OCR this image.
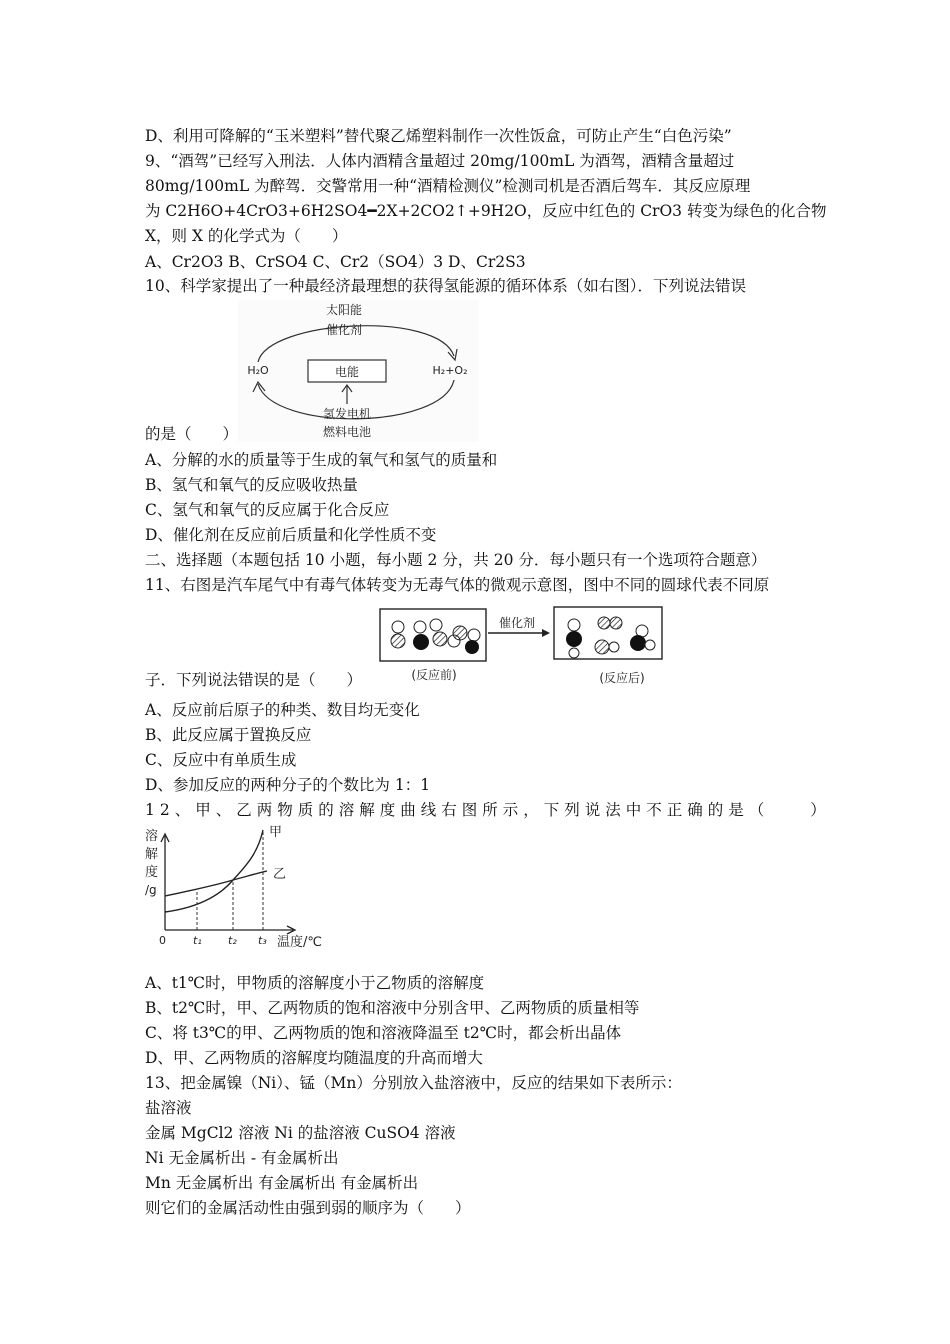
D、利用可降解的“玉米塑料”替代聚乙烯塑料制作一次性饭盒，可防止产生“白色污染”
9、“酒驾”已经写入刑法．人体内酒精含量超过 20mg/100mL 为酒驾，酒精含量超过
80mg/100mL 为醉驾．交警常用一种“酒精检测仪”检测司机是否酒后驾车．其反应原理
为 C2H6O+4CrO3+6H2SO4━2X+2CO2↑+9H2O，反应中红色的 CrO3 转变为绿色的化合物
X，则 X 的化学式为（　　）
A、Cr2O3 B、CrSO4 C、Cr2（SO4）3 D、Cr2S3
10、科学家提出了一种最经济最理想的获得氢能源的循环体系（如右图）．下列说法错误
太阳能
催化剂
H₂O	H₂+O₂
电能
氢发电机
燃料电池
的是（　　）
A、分解的水的质量等于生成的氧气和氢气的质量和
B、氢气和氧气的反应吸收热量
C、氢气和氧气的反应属于化合反应
D、催化剂在反应前后质量和化学性质不变
二、选择题（本题包括 10 小题，每小题 2 分，共 20 分．每小题只有一个选项符合题意）
11、右图是汽车尾气中有毒气体转变为无毒气体的微观示意图，图中不同的圆球代表不同原
催化剂
(反应前)	(反应后)
子．下列说法错误的是（　　）
A、反应前后原子的种类、数目均无变化
B、此反应属于置换反应
C、反应中有单质生成
D、参加反应的两种分子的个数比为 1：1
12、甲、乙两物质的溶解度曲线右图所示，下列说法中不正确的是（　　）
溶
解
度
/g
甲
乙
0 t₁ t₂ t₃ 温度/℃
A、t1℃时，甲物质的溶解度小于乙物质的溶解度
B、t2℃时，甲、乙两物质的饱和溶液中分别含甲、乙两物质的质量相等
C、将 t3℃的甲、乙两物质的饱和溶液降温至 t2℃时，都会析出晶体
D、甲、乙两物质的溶解度均随温度的升高而增大
13、把金属镍（Ni）、锰（Mn）分别放入盐溶液中，反应的结果如下表所示：
盐溶液
金属 MgCl2 溶液 Ni 的盐溶液 CuSO4 溶液
Ni 无金属析出 - 有金属析出
Mn 无金属析出 有金属析出 有金属析出
则它们的金属活动性由强到弱的顺序为（　　）
